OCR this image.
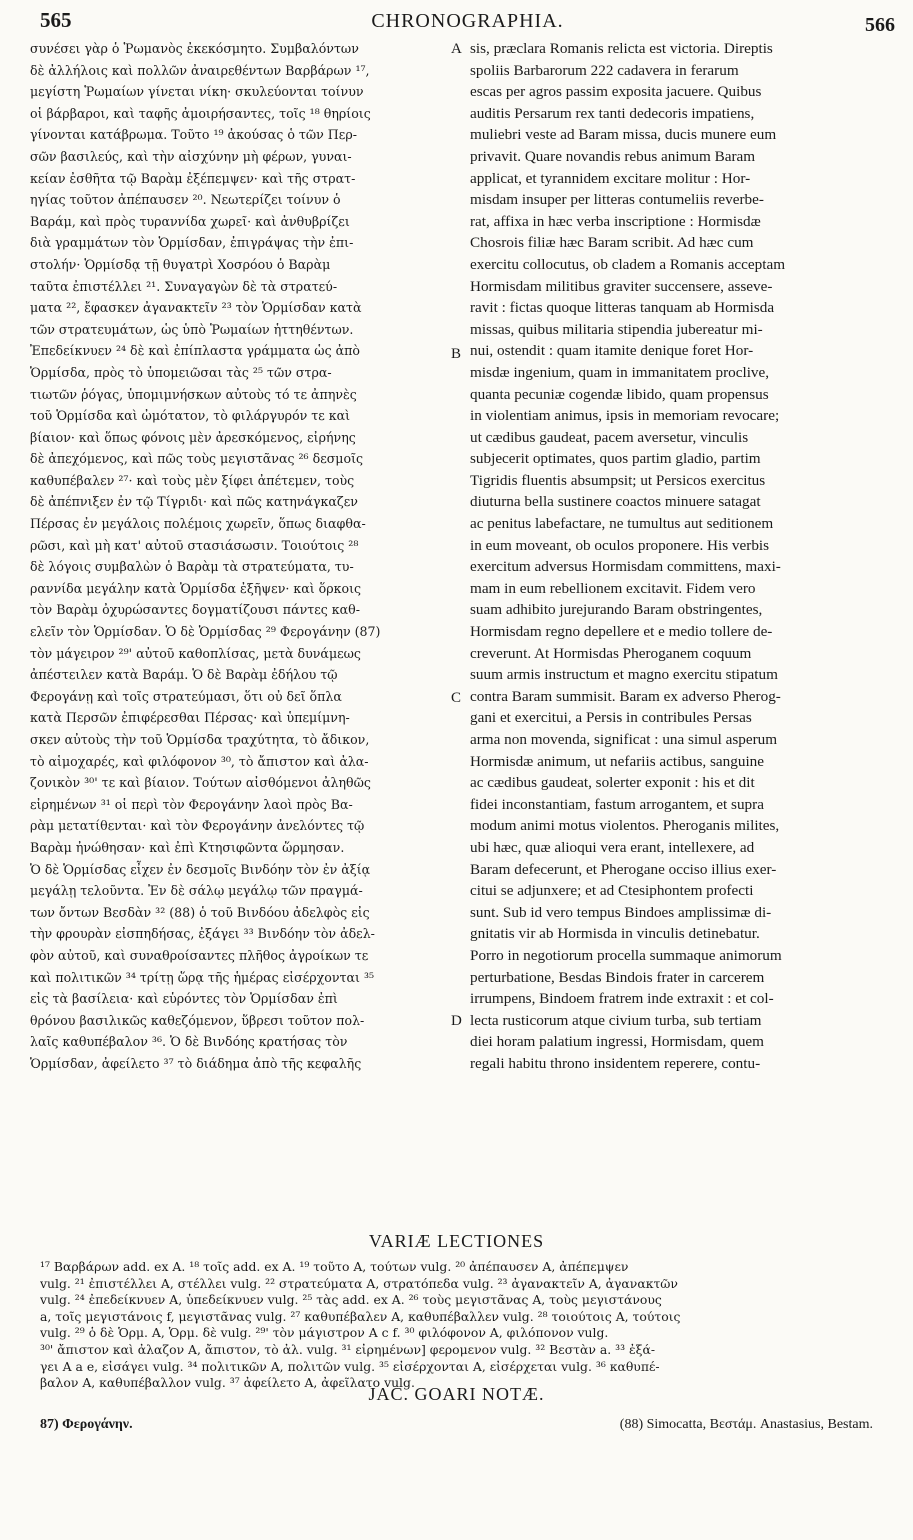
565	CHRONOGRAPHIA.	566
συνέσει γὰρ ὁ Ῥωμανὸς ἐκεκόσμητο. Συμβαλόντων
δὲ ἀλλήλοις καὶ πολλῶν ἀναιρεθέντων Βαρβάρων ¹⁷,
μεγίστη Ῥωμαίων γίνεται νίκη· σκυλεύονται τοίνυν
οἱ βάρβαροι, καὶ ταφῆς ἀμοιρήσαντες, τοῖς ¹⁸ θηρίοις
γίνονται κατάβρωμα. Τοῦτο ¹⁹ ἀκούσας ὁ τῶν Περ-
σῶν βασιλεύς, καὶ τὴν αἰσχύνην μὴ φέρων, γυναι-
κείαν ἐσθῆτα τῷ Βαρὰμ ἐξέπεμψεν· καὶ τῆς στρατ-
ηγίας τοῦτον ἀπέπαυσεν ²⁰. Νεωτερίζει τοίνυν ὁ
Βαράμ, καὶ πρὸς τυραννίδα χωρεῖ· καὶ ἀνθυβρίζει
διὰ γραμμάτων τὸν Ὁρμίσδαν, ἐπιγράψας τὴν ἐπι-
στολήν· Ὁρμίσδᾳ τῇ θυγατρὶ Χοσρόου ὁ Βαρὰμ
ταῦτα ἐπιστέλλει ²¹. Συναγαγὼν δὲ τὰ στρατεύ-
ματα ²², ἔφασκεν ἀγανακτεῖν ²³ τὸν Ὁρμίσδαν κατὰ
τῶν στρατευμάτων, ὡς ὑπὸ Ῥωμαίων ἡττηθέντων.
Ἐπεδείκνυεν ²⁴ δὲ καὶ ἐπίπλαστα γράμματα ὡς ἀπὸ
Ὁρμίσδα, πρὸς τὸ ὑπομειῶσαι τὰς ²⁵ τῶν στρα-
τιωτῶν ῥόγας, ὑπομιμνήσκων αὐτοὺς τό τε ἀπηνὲς
τοῦ Ὁρμίσδα καὶ ὠμότατον, τὸ φιλάργυρόν τε καὶ
βίαιον· καὶ ὅπως φόνοις μὲν ἀρεσκόμενος, εἰρήνης
δὲ ἀπεχόμενος, καὶ πῶς τοὺς μεγιστᾶνας ²⁶ δεσμοῖς
καθυπέβαλεν ²⁷· καὶ τοὺς μὲν ξίφει ἀπέτεμεν, τοὺς
δὲ ἀπέπνιξεν ἐν τῷ Τίγριδι· καὶ πῶς κατηνάγκαζεν
Πέρσας ἐν μεγάλοις πολέμοις χωρεῖν, ὅπως διαφθα-
ρῶσι, καὶ μὴ κατ' αὐτοῦ στασιάσωσιν. Τοιούτοις ²⁸
δὲ λόγοις συμβαλὼν ὁ Βαρὰμ τὰ στρατεύματα, τυ-
ραννίδα μεγάλην κατὰ Ὁρμίσδα ἐξῆψεν· καὶ ὅρκοις
τὸν Βαρὰμ ὀχυρώσαντες δογματίζουσι πάντες καθ-
ελεῖν τὸν Ὁρμίσδαν. Ὁ δὲ Ὁρμίσδας ²⁹ Φερογάνην (87)
τὸν μάγειρον ²⁹' αὐτοῦ καθοπλίσας, μετὰ δυνάμεως
ἀπέστειλεν κατὰ Βαράμ. Ὁ δὲ Βαρὰμ ἐδήλου τῷ
Φερογάνῃ καὶ τοῖς στρατεύμασι, ὅτι οὐ δεῖ ὅπλα
κατὰ Περσῶν ἐπιφέρεσθαι Πέρσας· καὶ ὑπεμίμνη-
σκεν αὐτοὺς τὴν τοῦ Ὁρμίσδα τραχύτητα, τὸ ἄδικον,
τὸ αἱμοχαρές, καὶ φιλόφονον ³⁰, τὸ ἄπιστον καὶ ἀλα-
ζονικὸν ³⁰' τε καὶ βίαιον. Τούτων αἰσθόμενοι ἀληθῶς
εἰρημένων ³¹ οἱ περὶ τὸν Φερογάνην λαοὶ πρὸς Βα-
ρὰμ μετατίθενται· καὶ τὸν Φερογάνην ἀνελόντες τῷ
Βαρὰμ ἠνώθησαν· καὶ ἐπὶ Κτησιφῶντα ὥρμησαν.
Ὁ δὲ Ὁρμίσδας εἶχεν ἐν δεσμοῖς Βινδόην τὸν ἐν ἀξίᾳ
μεγάλῃ τελοῦντα. Ἐν δὲ σάλῳ μεγάλῳ τῶν πραγμά-
των ὄντων Βεσδὰν ³² (88) ὁ τοῦ Βινδόου ἀδελφὸς εἰς
τὴν φρουρὰν εἰσπηδήσας, ἐξάγει ³³ Βινδόην τὸν ἀδελ-
φὸν αὐτοῦ, καὶ συναθροίσαντες πλῆθος ἀγροίκων τε
καὶ πολιτικῶν ³⁴ τρίτῃ ὥρᾳ τῆς ἡμέρας εἰσέρχονται ³⁵
εἰς τὰ βασίλεια· καὶ εὑρόντες τὸν Ὁρμίσδαν ἐπὶ
θρόνου βασιλικῶς καθεζόμενον, ὕβρεσι τοῦτον πολ-
λαῖς καθυπέβαλον ³⁶. Ὁ δὲ Βινδόης κρατήσας τὸν
Ὁρμίσδαν, ἀφείλετο ³⁷ τὸ διάδημα ἀπὸ τῆς κεφαλῆς
sis, præclara Romanis relicta est victoria. Direptis
spoliis Barbarorum 222 cadavera in ferarum
escas per agros passim exposita jacuere. Quibus
auditis Persarum rex tanti dedecoris impatiens,
muliebri veste ad Baram missa, ducis munere eum
privavit. Quare novandis rebus animum Baram
applicat, et tyrannidem excitare molitur : Hor-
misdam insuper per litteras contumeliis reverbe-
rat, affixa in hæc verba inscriptione : Hormisdæ
Chosrois filiæ hæc Baram scribit. Ad hæc cum
exercitu collocutus, ob cladem a Romanis acceptam
Hormisdam militibus graviter succensere, asseve-
ravit : fictas quoque litteras tanquam ab Hormisda
missas, quibus militaria stipendia jubereatur mi-
nui, ostendit : quam itamite denique foret Hor-
misdæ ingenium, quam in immanitatem proclive,
quanta pecuniæ cogendæ libido, quam propensus
in violentiam animus, ipsis in memoriam revocare;
ut cædibus gaudeat, pacem aversetur, vinculis
subjecerit optimates, quos partim gladio, partim
Tigridis fluentis absumpsit; ut Persicos exercitus
diuturna bella sustinere coactos minuere satagat
ac penitus labefactare, ne tumultus aut seditionem
in eum moveant, ob oculos proponere. His verbis
exercitum adversus Hormisdam committens, maxi-
mam in eum rebellionem excitavit. Fidem vero
suam adhibito jurejurando Baram obstringentes,
Hormisdam regno depellere et e medio tollere de-
creverunt. At Hormisdas Pheroganem coquum
suum armis instructum et magno exercitu stipatum
contra Baram summisit. Baram ex adverso Pherog-
gani et exercitui, a Persis in contribules Persas
arma non movenda, significat : una simul asperum
Hormisdæ animum, ut nefariis actibus, sanguine
ac cædibus gaudeat, solerter exponit : his et dit
fidei inconstantiam, fastum arrogantem, et supra
modum animi motus violentos. Pheroganis milites,
ubi hæc, quæ alioqui vera erant, intellexere, ad
Baram defecerunt, et Pherogane occiso illius exer-
citui se adjunxere; et ad Ctesiphontem profecti
sunt. Sub id vero tempus Bindoes amplissimæ di-
gnitatis vir ab Hormisda in vinculis detinebatur.
Porro in negotiorum procella summaque animorum
perturbatione, Besdas Bindois frater in carcerem
irrumpens, Bindoem fratrem inde extraxit : et col-
lecta rusticorum atque civium turba, sub tertiam
diei horam palatium ingressi, Hormisdam, quem
regali habitu throno insidentem reperere, contu-
A
B
C
D
VARIÆ LECTIONES
¹⁷ Βαρβάρων add. ex A. ¹⁸ τοῖς add. ex A. ¹⁹ τοῦτο A, τούτων vulg. ²⁰ ἀπέπαυσεν A, ἀπέπεμψεν
vulg. ²¹ ἐπιστέλλει A, στέλλει vulg. ²² στρατεύματα A, στρατόπεδα vulg. ²³ ἀγανακτεῖν A, ἀγανακτῶν
vulg. ²⁴ ἐπεδείκνυεν A, ὑπεδείκνυεν vulg. ²⁵ τὰς add. ex A. ²⁶ τοὺς μεγιστᾶνας A, τοὺς μεγιστάνους
a, τοῖς μεγιστάνοις f, μεγιστᾶνας vulg. ²⁷ καθυπέβαλεν A, καθυπέβαλλεν vulg. ²⁸ τοιούτοις A, τούτοις
vulg. ²⁹ ὁ δὲ Ὁρμ. A, Ὁρμ. δὲ vulg. ²⁹' τὸν μάγιστρον A c f. ³⁰ φιλόφονον A, φιλόπονον vulg.
³⁰' ἄπιστον καὶ ἀλαζον A, ἄπιστον, τὸ ἀλ. vulg. ³¹ εἰρημένων] φερομενον vulg. ³² Βεστὰν a. ³³ ἐξά-
γει A a e, εἰσάγει vulg. ³⁴ πολιτικῶν A, πολιτῶν vulg. ³⁵ εἰσέρχονται A, εἰσέρχεται vulg. ³⁶ καθυπέ-
βαλον A, καθυπέβαλλον vulg. ³⁷ ἀφείλετο A, ἀφεῖλατο vulg.
JAC. GOARI NOTÆ.
87) Φερογάνην.	(88) Simocatta, Βεστάμ. Anastasius, Bestam.
